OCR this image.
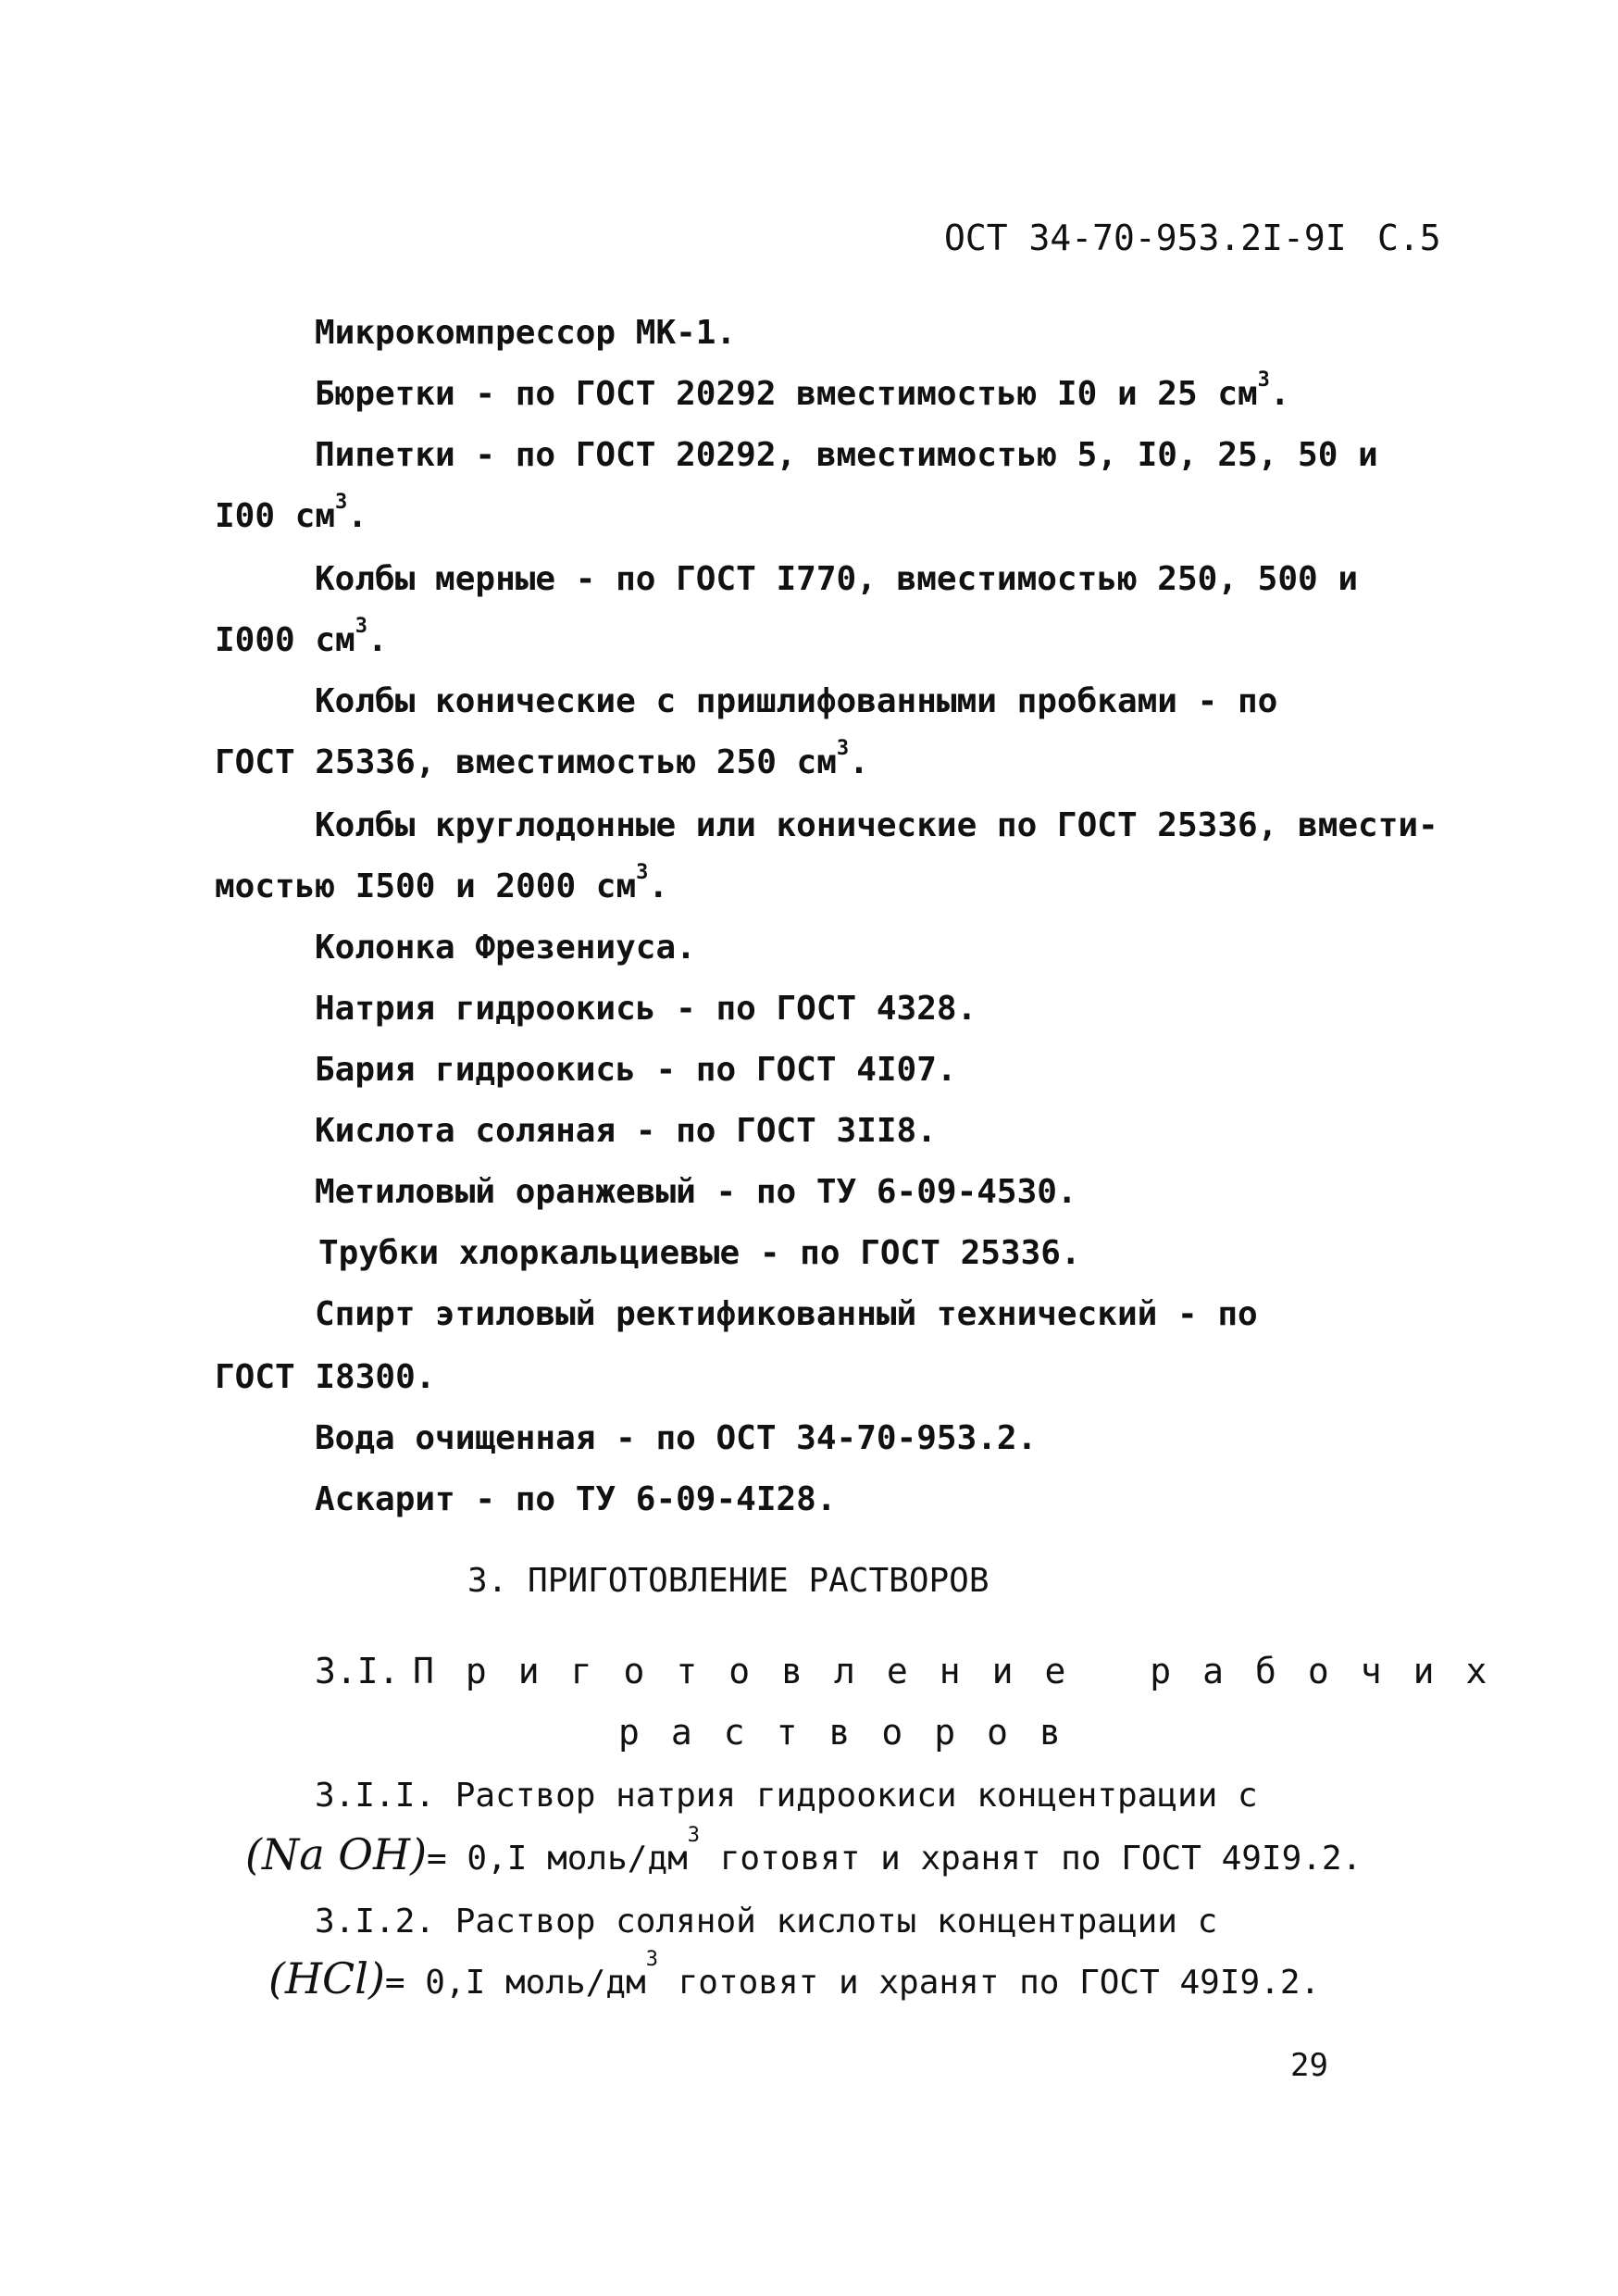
ОСТ 34-70-953.2I-9I С.5
Микрокомпрессор МК-1.
Бюретки - по ГОСТ 20292 вместимостью I0 и 25 $см^3$.
Пипетки - по ГОСТ 20292, вместимостью 5, I0, 25, 50 и
I00 $см^3$.
Колбы мерные - по ГОСТ I770, вместимостью 250, 500 и
I000 $см^3$.
Колбы конические с пришлифованными пробками - по
ГОСТ 25336, вместимостью 250 $см^3$.
Колбы круглодонные или конические по ГОСТ 25336, вмести-
мостью I500 и 2000 $см^3$.
Колонка Фрезениуса.
Натрия гидроокись - по ГОСТ 4328.
Бария гидроокись - по ГОСТ 4I07.
Кислота соляная - по ГОСТ 3II8.
Метиловый оранжевый - по ТУ 6-09-4530.
Трубки хлоркальциевые - по ГОСТ 25336.
Спирт этиловый ректификованный технический - по
ГОСТ I8300.
Вода очищенная - по ОСТ 34-70-953.2.
Аскарит - по ТУ 6-09-4I28.
3. ПРИГОТОВЛЕНИЕ РАСТВОРОВ
3.I. Приготовление рабочих
растворов
3.I.I. Раствор натрия гидроокиси концентрации с
(Na OH)= 0,I моль/$дм^3$ готовят и хранят по ГОСТ 49I9.2.
3.I.2. Раствор соляной кислоты концентрации с
(HCl)= 0,I моль/$дм^3$ готовят и хранят по ГОСТ 49I9.2.
29
